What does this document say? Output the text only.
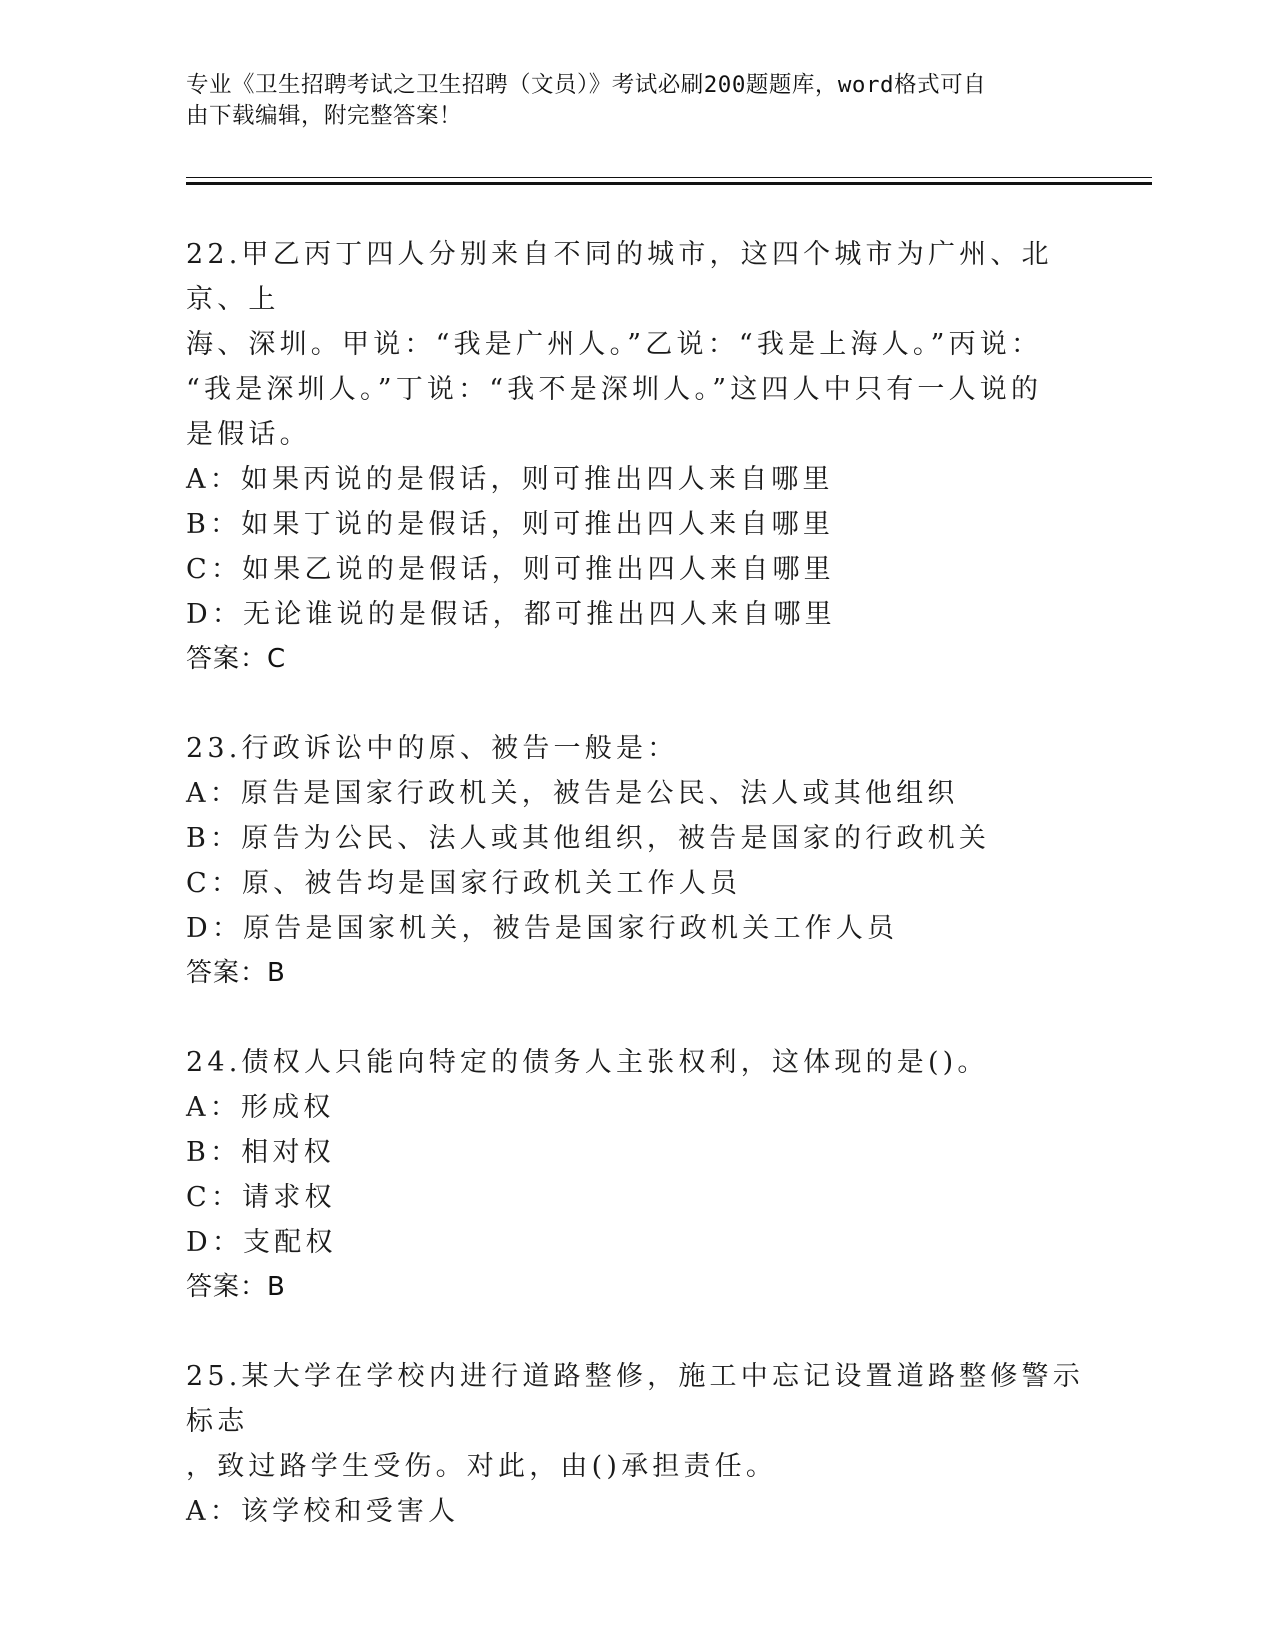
专业《卫生招聘考试之卫生招聘（文员）》考试必刷200题题库，word格式可自
由下载编辑，附完整答案！

22.甲乙丙丁四人分别来自不同的城市，这四个城市为广州、北京、上

海、深圳。甲说：“我是广州人。”乙说：“我是上海人。”丙说：

“我是深圳人。”丁说：“我不是深圳人。”这四人中只有一人说的

是假话。

A：如果丙说的是假话，则可推出四人来自哪里

B：如果丁说的是假话，则可推出四人来自哪里

C：如果乙说的是假话，则可推出四人来自哪里

D：无论谁说的是假话，都可推出四人来自哪里

答案：C

23.行政诉讼中的原、被告一般是：

A：原告是国家行政机关，被告是公民、法人或其他组织

B：原告为公民、法人或其他组织，被告是国家的行政机关

C：原、被告均是国家行政机关工作人员

D：原告是国家机关，被告是国家行政机关工作人员

答案：B

24.债权人只能向特定的债务人主张权利，这体现的是()。

A：形成权

B：相对权

C：请求权

D：支配权

答案：B

25.某大学在学校内进行道路整修，施工中忘记设置道路整修警示标志

，致过路学生受伤。对此，由()承担责任。

A：该学校和受害人
